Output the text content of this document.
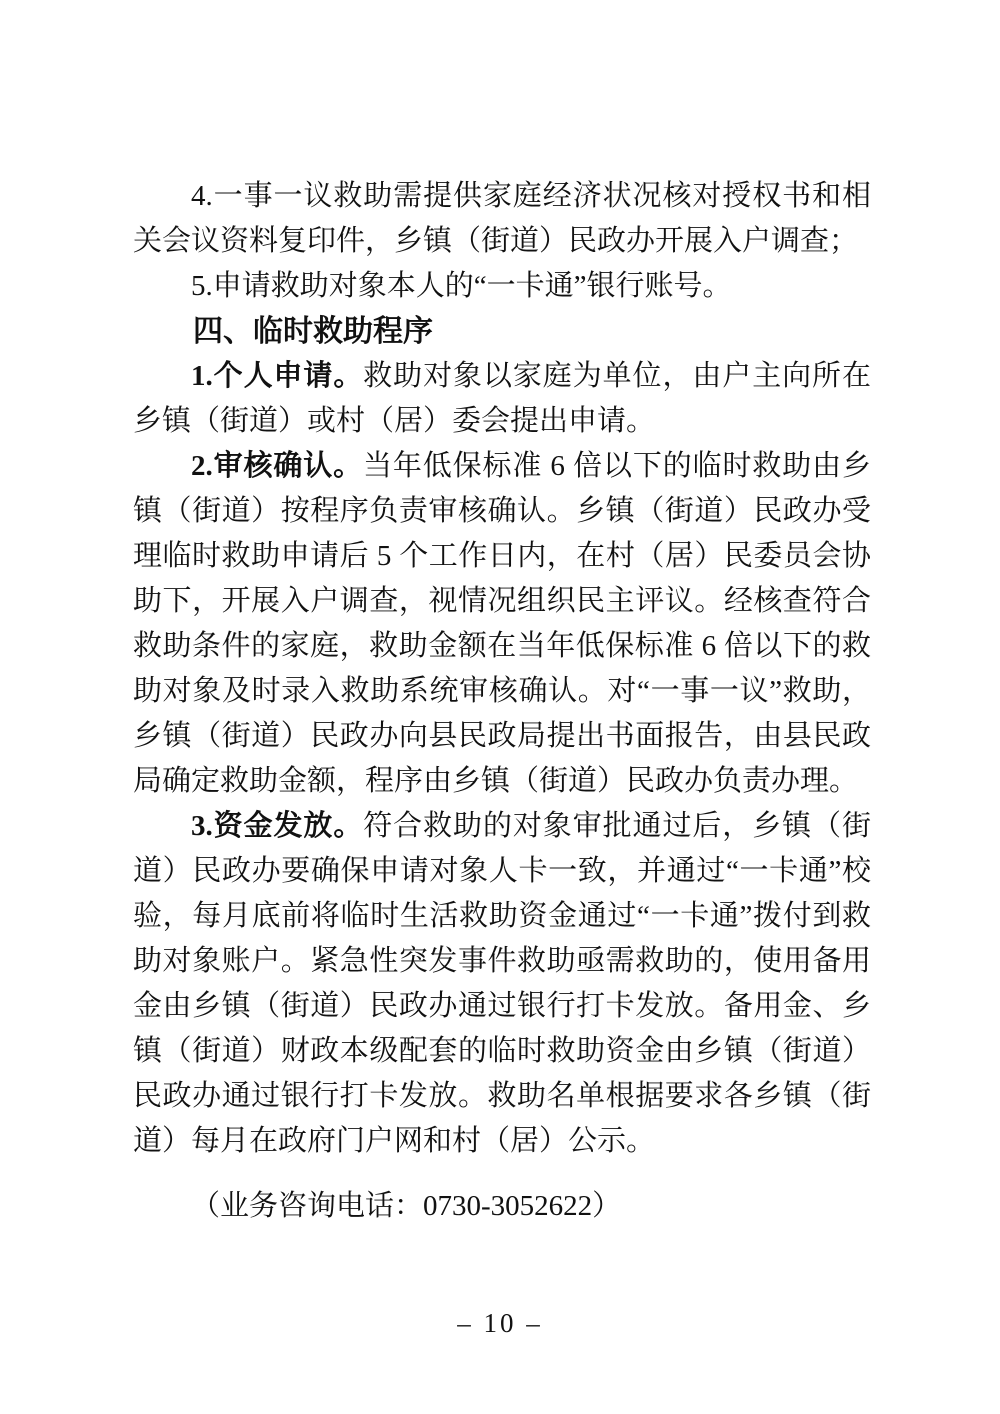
4.一事一议救助需提供家庭经济状况核对授权书和相关会议资料复印件，乡镇（街道）民政办开展入户调查；

5.申请救助对象本人的“一卡通”银行账号。

四、临时救助程序

1.个人申请。救助对象以家庭为单位，由户主向所在乡镇（街道）或村（居）委会提出申请。

2.审核确认。当年低保标准 6 倍以下的临时救助由乡镇（街道）按程序负责审核确认。乡镇（街道）民政办受理临时救助申请后 5 个工作日内，在村（居）民委员会协助下，开展入户调查，视情况组织民主评议。经核查符合救助条件的家庭，救助金额在当年低保标准 6 倍以下的救助对象及时录入救助系统审核确认。对“一事一议”救助，乡镇（街道）民政办向县民政局提出书面报告，由县民政局确定救助金额，程序由乡镇（街道）民政办负责办理。

3.资金发放。符合救助的对象审批通过后，乡镇（街道）民政办要确保申请对象人卡一致，并通过“一卡通”校验，每月底前将临时生活救助资金通过“一卡通”拨付到救助对象账户。紧急性突发事件救助亟需救助的，使用备用金由乡镇（街道）民政办通过银行打卡发放。备用金、乡镇（街道）财政本级配套的临时救助资金由乡镇（街道）民政办通过银行打卡发放。救助名单根据要求各乡镇（街道）每月在政府门户网和村（居）公示。

（业务咨询电话：0730-3052622）

– 10 –
